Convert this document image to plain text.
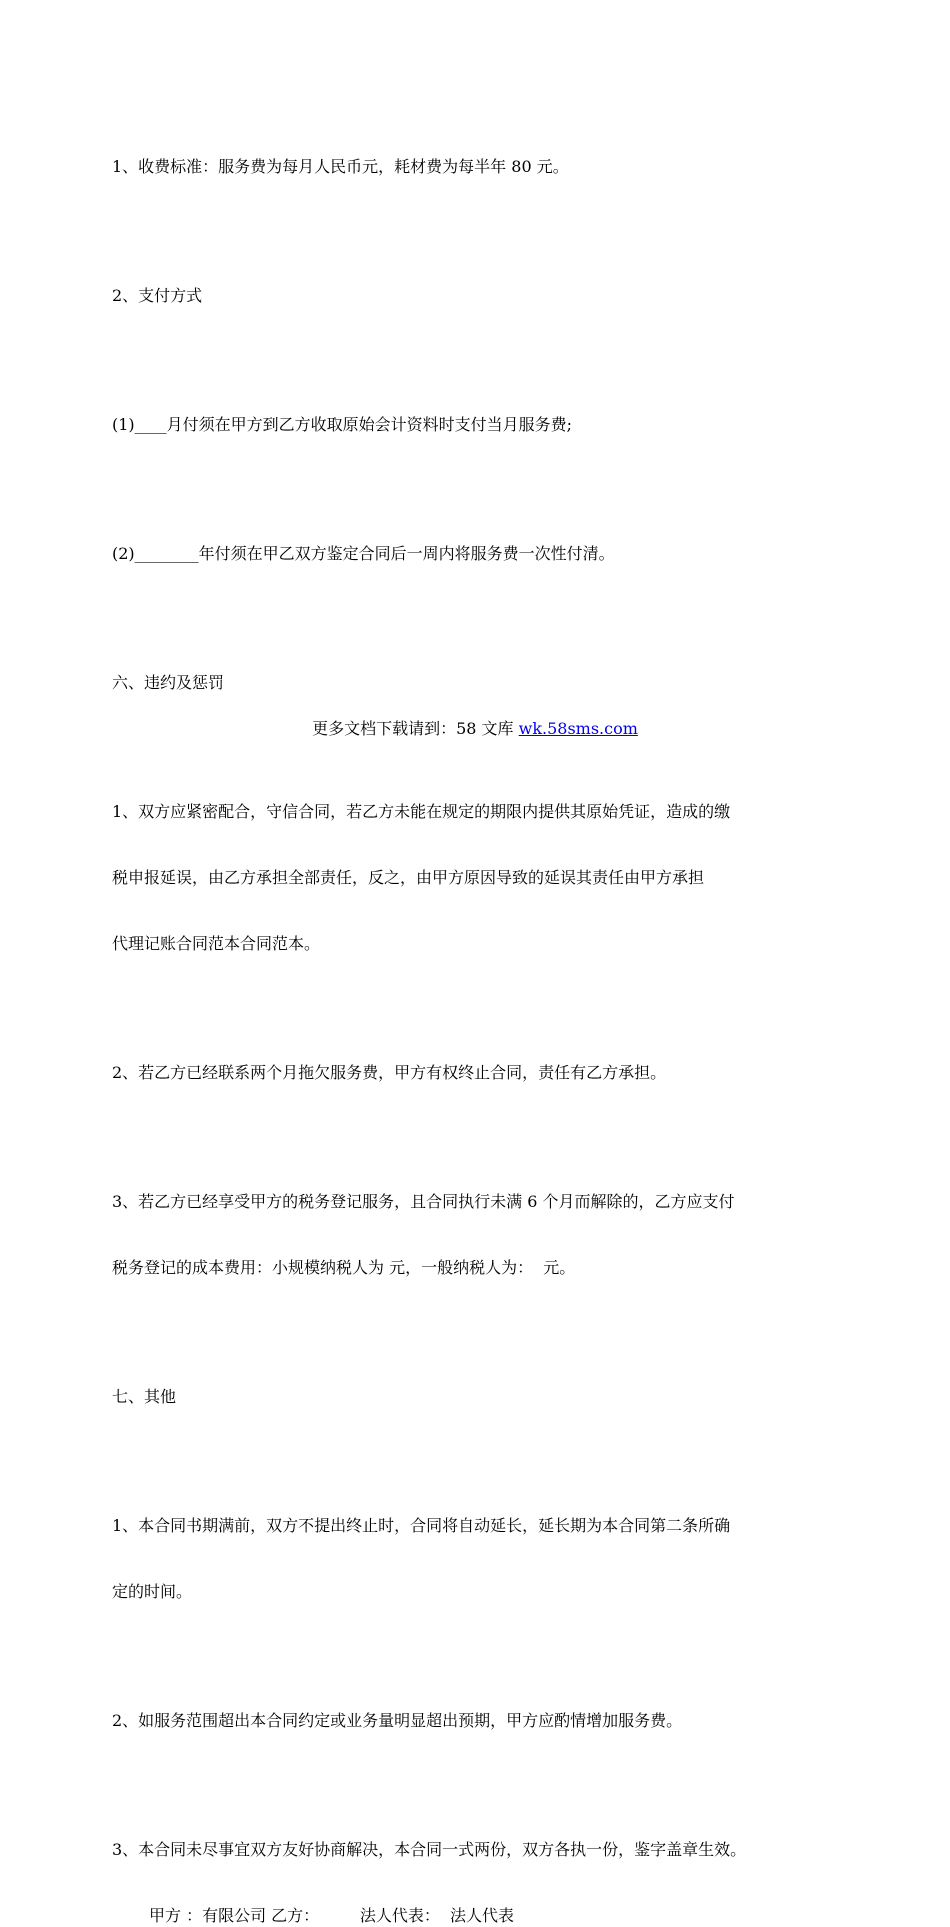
1、收费标准：服务费为每月人民币元，耗材费为每半年 80 元。

2、支付方式

(1)____月付须在甲方到乙方收取原始会计资料时支付当月服务费;

(2)________年付须在甲乙双方鉴定合同后一周内将服务费一次性付清。

六、违约及惩罚

1、双方应紧密配合，守信合同，若乙方未能在规定的期限内提供其原始凭证，造成的缴

税申报延误，由乙方承担全部责任，反之，由甲方原因导致的延误其责任由甲方承担

代理记账合同范本合同范本。

2、若乙方已经联系两个月拖欠服务费，甲方有权终止合同，责任有乙方承担。

3、若乙方已经享受甲方的税务登记服务，且合同执行未满 6 个月而解除的，乙方应支付

税务登记的成本费用：小规模纳税人为 元，一般纳税人为：  元。

七、其他

1、本合同书期满前，双方不提出终止时，合同将自动延长，延长期为本合同第二条所确

定的时间。

2、如服务范围超出本合同约定或业务量明显超出预期，甲方应酌情增加服务费。

3、本合同未尽事宜双方友好协商解决，本合同一式两份，双方各执一份，鉴字盖章生效。

甲方 ：有限公司 乙方：        法人代表：  法人代表

更多文档下载请到：58 文库 wk.58sms.com
